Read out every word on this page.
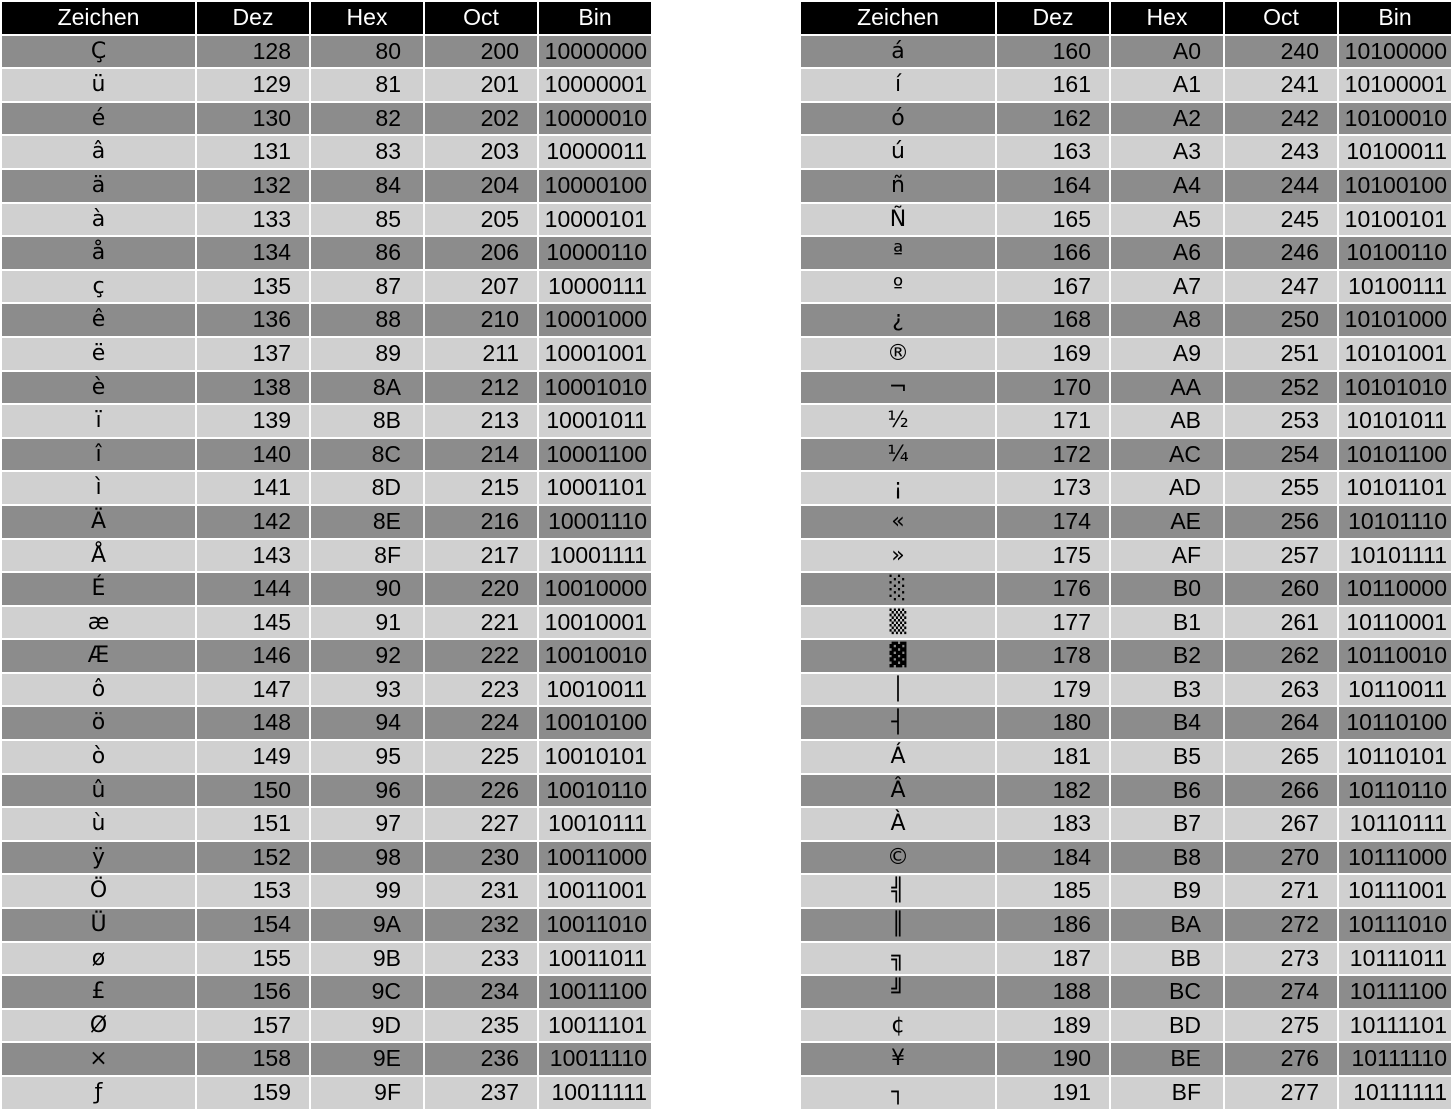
Zeichen	Dez	Hex	Oct	Bin
Ç	128	80	200	10000000
ü	129	81	201	10000001
é	130	82	202	10000010
â	131	83	203	10000011
ä	132	84	204	10000100
à	133	85	205	10000101
å	134	86	206	10000110
ç	135	87	207	10000111
ê	136	88	210	10001000
ë	137	89	211	10001001
è	138	8A	212	10001010
ï	139	8B	213	10001011
î	140	8C	214	10001100
ì	141	8D	215	10001101
Ä	142	8E	216	10001110
Å	143	8F	217	10001111
É	144	90	220	10010000
æ	145	91	221	10010001
Æ	146	92	222	10010010
ô	147	93	223	10010011
ö	148	94	224	10010100
ò	149	95	225	10010101
û	150	96	226	10010110
ù	151	97	227	10010111
ÿ	152	98	230	10011000
Ö	153	99	231	10011001
Ü	154	9A	232	10011010
ø	155	9B	233	10011011
£	156	9C	234	10011100
Ø	157	9D	235	10011101
×	158	9E	236	10011110
ƒ	159	9F	237	10011111
Zeichen	Dez	Hex	Oct	Bin
á	160	A0	240	10100000
í	161	A1	241	10100001
ó	162	A2	242	10100010
ú	163	A3	243	10100011
ñ	164	A4	244	10100100
Ñ	165	A5	245	10100101
ª	166	A6	246	10100110
º	167	A7	247	10100111
¿	168	A8	250	10101000
®	169	A9	251	10101001
¬	170	AA	252	10101010
½	171	AB	253	10101011
¼	172	AC	254	10101100
¡	173	AD	255	10101101
«	174	AE	256	10101110
»	175	AF	257	10101111
░	176	B0	260	10110000
▒	177	B1	261	10110001
▓	178	B2	262	10110010
│	179	B3	263	10110011
┤	180	B4	264	10110100
Á	181	B5	265	10110101
Â	182	B6	266	10110110
À	183	B7	267	10110111
©	184	B8	270	10111000
╣	185	B9	271	10111001
║	186	BA	272	10111010
╗	187	BB	273	10111011
╝	188	BC	274	10111100
¢	189	BD	275	10111101
¥	190	BE	276	10111110
┐	191	BF	277	10111111
